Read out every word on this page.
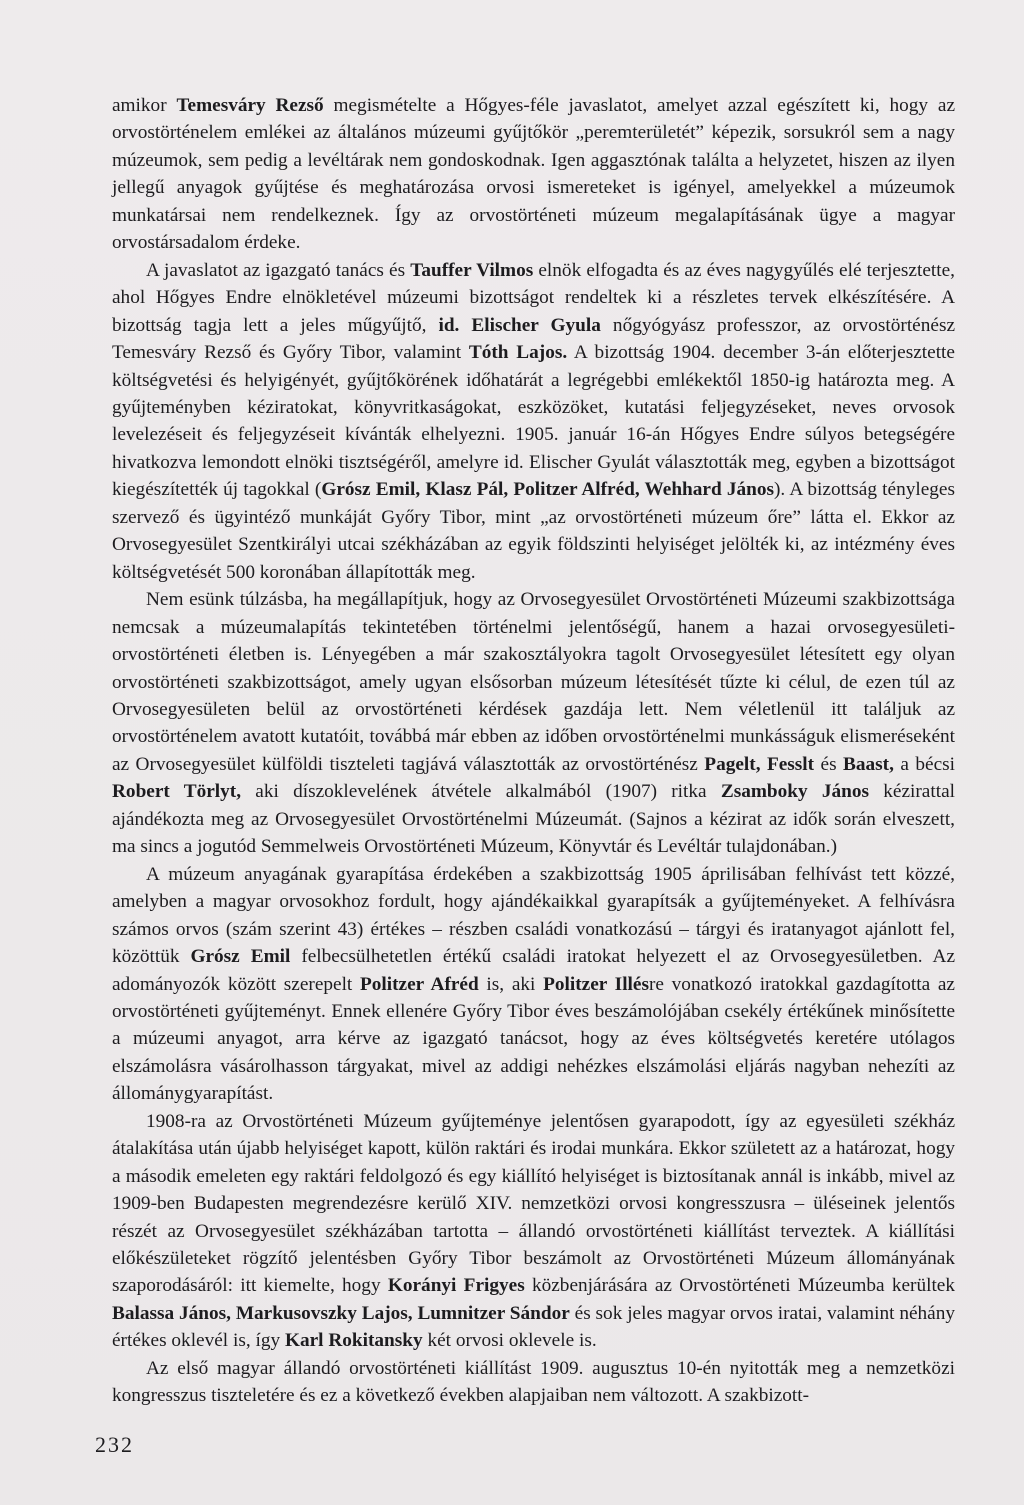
amikor Temesváry Rezső megismételte a Hőgyes-féle javaslatot, amelyet azzal egészített ki, hogy az orvostörténelem emlékei az általános múzeumi gyűjtőkör „peremterületét” képezik, sorsukról sem a nagy múzeumok, sem pedig a levéltárak nem gondoskodnak. Igen aggasztónak találta a helyzetet, hiszen az ilyen jellegű anyagok gyűjtése és meghatározása orvosi ismereteket is igényel, amelyekkel a múzeumok munkatársai nem rendelkeznek. Így az orvostörténeti múzeum megalapításának ügye a magyar orvostársadalom érdeke.

A javaslatot az igazgató tanács és Tauffer Vilmos elnök elfogadta és az éves nagygyűlés elé terjesztette, ahol Hőgyes Endre elnökletével múzeumi bizottságot rendeltek ki a részletes tervek elkészítésére. A bizottság tagja lett a jeles műgyűjtő, id. Elischer Gyula nőgyógyász professzor, az orvostörténész Temesváry Rezső és Győry Tibor, valamint Tóth Lajos. A bizottság 1904. december 3-án előterjesztette költségvetési és helyigényét, gyűjtőkörének időhatárát a legrégebbi emlékektől 1850-ig határozta meg. A gyűjteményben kéziratokat, könyvritkaságokat, eszközöket, kutatási feljegyzéseket, neves orvosok levelezéseit és feljegyzéseit kívánták elhelyezni. 1905. január 16-án Hőgyes Endre súlyos betegségére hivatkozva lemondott elnöki tisztségéről, amelyre id. Elischer Gyulát választották meg, egyben a bizottságot kiegészítették új tagokkal (Grósz Emil, Klasz Pál, Politzer Alfréd, Wehhard János). A bizottság tényleges szervező és ügyintéző munkáját Győry Tibor, mint „az orvostörténeti múzeum őre” látta el. Ekkor az Orvosegyesület Szentkirályi utcai székházában az egyik földszinti helyiséget jelölték ki, az intézmény éves költségvetését 500 koronában állapították meg.

Nem esünk túlzásba, ha megállapítjuk, hogy az Orvosegyesület Orvostörténeti Múzeumi szakbizottsága nemcsak a múzeumalapítás tekintetében történelmi jelentőségű, hanem a hazai orvosegyesületi-orvostörténeti életben is. Lényegében a már szakosztályokra tagolt Orvosegyesület létesített egy olyan orvostörténeti szakbizottságot, amely ugyan elsősorban múzeum létesítését tűzte ki célul, de ezen túl az Orvosegyesületen belül az orvostörténeti kérdések gazdája lett. Nem véletlenül itt találjuk az orvostörténelem avatott kutatóit, továbbá már ebben az időben orvostörténelmi munkásságuk elismeréseként az Orvosegyesület külföldi tiszteleti tagjává választották az orvostörténész Pagelt, Fesslt és Baast, a bécsi Robert Törlyt, aki díszoklevelének átvétele alkalmából (1907) ritka Zsamboky János kézirattal ajándékozta meg az Orvosegyesület Orvostörténelmi Múzeumát. (Sajnos a kézirat az idők során elveszett, ma sincs a jogutód Semmelweis Orvostörténeti Múzeum, Könyvtár és Levéltár tulajdonában.)

A múzeum anyagának gyarapítása érdekében a szakbizottság 1905 áprilisában felhívást tett közzé, amelyben a magyar orvosokhoz fordult, hogy ajándékaikkal gyarapítsák a gyűjteményeket. A felhívásra számos orvos (szám szerint 43) értékes – részben családi vonatkozású – tárgyi és iratanyagot ajánlott fel, közöttük Grósz Emil felbecsülhetetlen értékű családi iratokat helyezett el az Orvosegyesületben. Az adományozók között szerepelt Politzer Afréd is, aki Politzer Illésre vonatkozó iratokkal gazdagította az orvostörténeti gyűjteményt. Ennek ellenére Győry Tibor éves beszámolójában csekély értékűnek minősítette a múzeumi anyagot, arra kérve az igazgató tanácsot, hogy az éves költségvetés keretére utólagos elszámolásra vásárolhasson tárgyakat, mivel az addigi nehézkes elszámolási eljárás nagyban nehezíti az állománygyarapítást.

1908-ra az Orvostörténeti Múzeum gyűjteménye jelentősen gyarapodott, így az egyesületi székház átalakítása után újabb helyiséget kapott, külön raktári és irodai munkára. Ekkor született az a határozat, hogy a második emeleten egy raktári feldolgozó és egy kiállító helyiséget is biztosítanak annál is inkább, mivel az 1909-ben Budapesten megrendezésre kerülő XIV. nemzetközi orvosi kongresszusra – üléseinek jelentős részét az Orvosegyesület székházában tartotta – állandó orvostörténeti kiállítást terveztek. A kiállítási előkészületeket rögzítő jelentésben Győry Tibor beszámolt az Orvostörténeti Múzeum állományának szaporodásáról: itt kiemelte, hogy Korányi Frigyes közbenjárására az Orvostörténeti Múzeumba kerültek Balassa János, Markusovszky Lajos, Lumnitzer Sándor és sok jeles magyar orvos iratai, valamint néhány értékes oklevél is, így Karl Rokitansky két orvosi oklevele is.

Az első magyar állandó orvostörténeti kiállítást 1909. augusztus 10-én nyitották meg a nemzetközi kongresszus tiszteletére és ez a következő években alapjaiban nem változott. A szakbizott-

232
